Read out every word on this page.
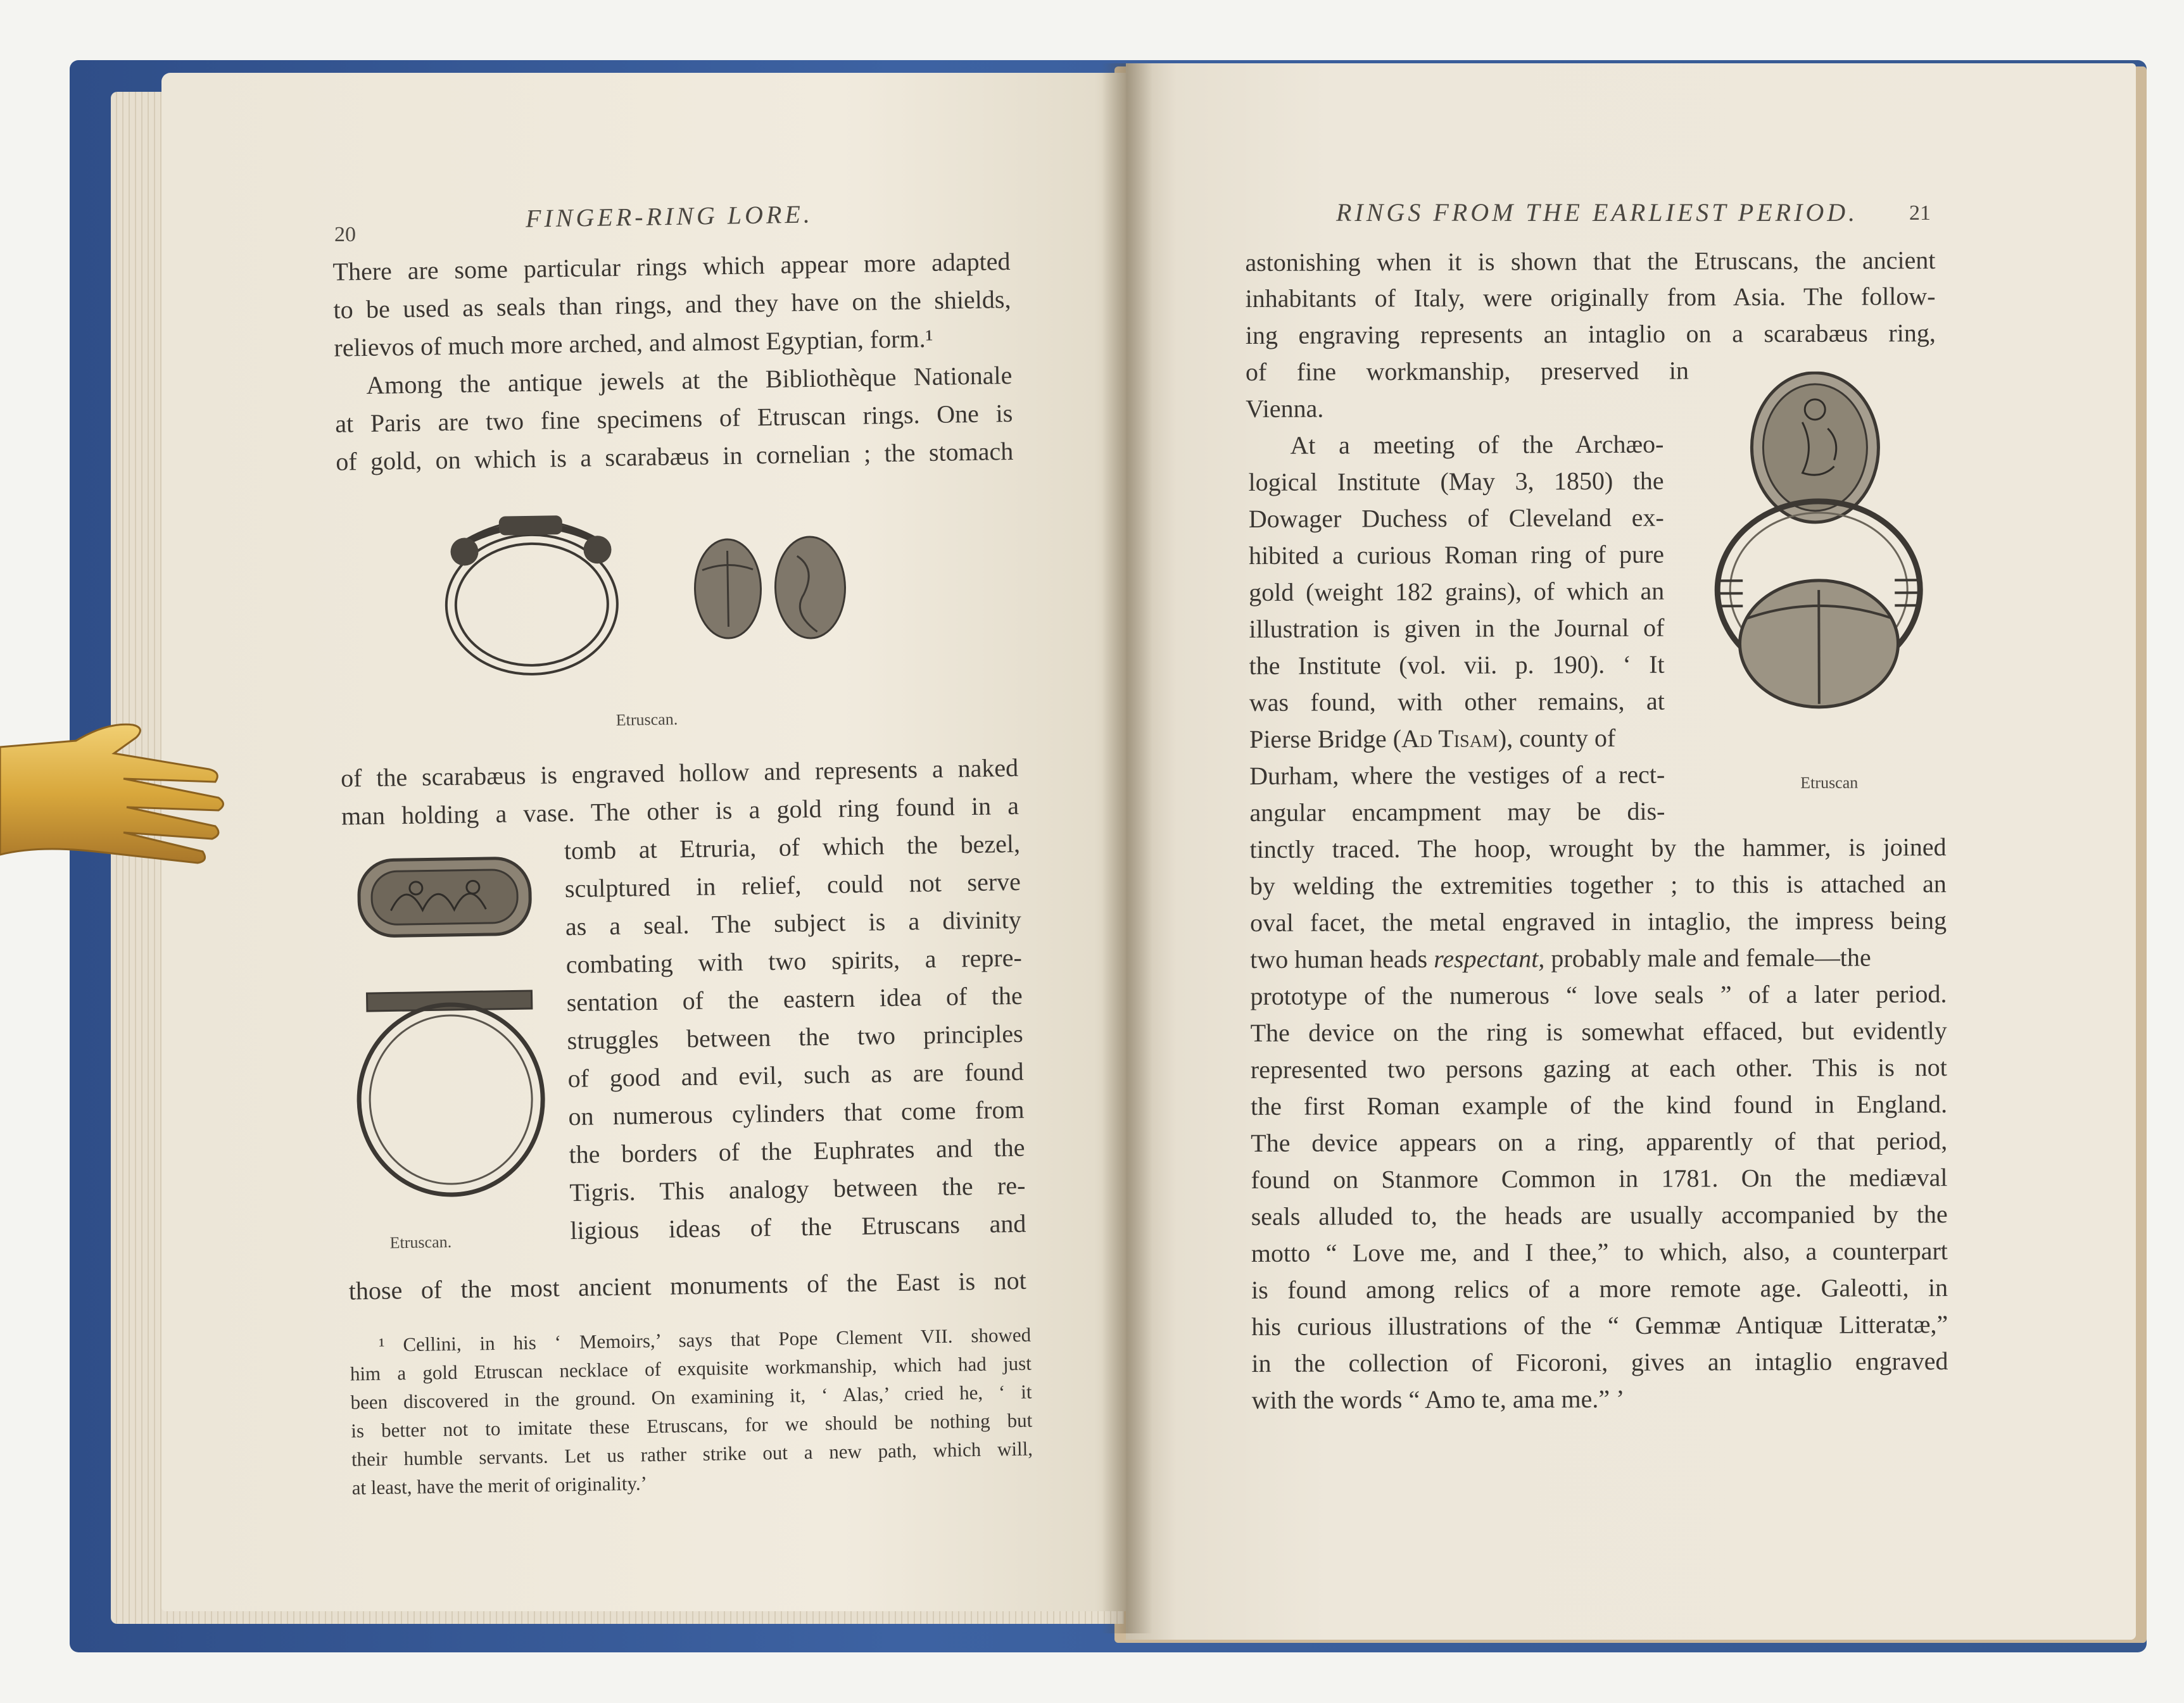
20
FINGER-RING LORE.
There are some particular rings which appear more adapted
to be used as seals than rings, and they have on the shields,
relievos of much more arched, and almost Egyptian, form.¹
Among the antique jewels at the Bibliothèque Nationale
at Paris are two fine specimens of Etruscan rings. One is
of gold, on which is a scarabæus in cornelian ; the stomach
Etruscan.
of the scarabæus is engraved hollow and represents a naked
man holding a vase. The other is a gold ring found in a
tomb at Etruria, of which the bezel,
sculptured in relief, could not serve
as a seal. The subject is a divinity
combating with two spirits, a repre-
sentation of the eastern idea of the
struggles between the two principles
of good and evil, such as are found
on numerous cylinders that come from
the borders of the Euphrates and the
Tigris. This analogy between the re-
ligious ideas of the Etruscans and
Etruscan.
those of the most ancient monuments of the East is not
¹ Cellini, in his ‘ Memoirs,’ says that Pope Clement VII. showed
him a gold Etruscan necklace of exquisite workmanship, which had just
been discovered in the ground. On examining it, ‘ Alas,’ cried he, ‘ it
is better not to imitate these Etruscans, for we should be nothing but
their humble servants. Let us rather strike out a new path, which will,
at least, have the merit of originality.’
RINGS FROM THE EARLIEST PERIOD. 21
astonishing when it is shown that the Etruscans, the ancient
inhabitants of Italy, were originally from Asia. The follow-
ing engraving represents an intaglio on a scarabæus ring,
of fine workmanship, preserved in
Vienna.
At a meeting of the Archæo-
logical Institute (May 3, 1850) the
Dowager Duchess of Cleveland ex-
hibited a curious Roman ring of pure
gold (weight 182 grains), of which an
illustration is given in the Journal of
the Institute (vol. vii. p. 190). ‘ It
was found, with other remains, at
Pierse Bridge (Ad Tisam), county of
Durham, where the vestiges of a rect-
angular encampment may be dis-
Etruscan
tinctly traced. The hoop, wrought by the hammer, is joined
by welding the extremities together ; to this is attached an
oval facet, the metal engraved in intaglio, the impress being
two human heads respectant, probably male and female—the
prototype of the numerous “ love seals ” of a later period.
The device on the ring is somewhat effaced, but evidently
represented two persons gazing at each other. This is not
the first Roman example of the kind found in England.
The device appears on a ring, apparently of that period,
found on Stanmore Common in 1781. On the mediæval
seals alluded to, the heads are usually accompanied by the
motto “ Love me, and I thee,” to which, also, a counterpart
is found among relics of a more remote age. Galeotti, in
his curious illustrations of the “ Gemmæ Antiquæ Litteratæ,”
in the collection of Ficoroni, gives an intaglio engraved
with the words “ Amo te, ama me.” ’
